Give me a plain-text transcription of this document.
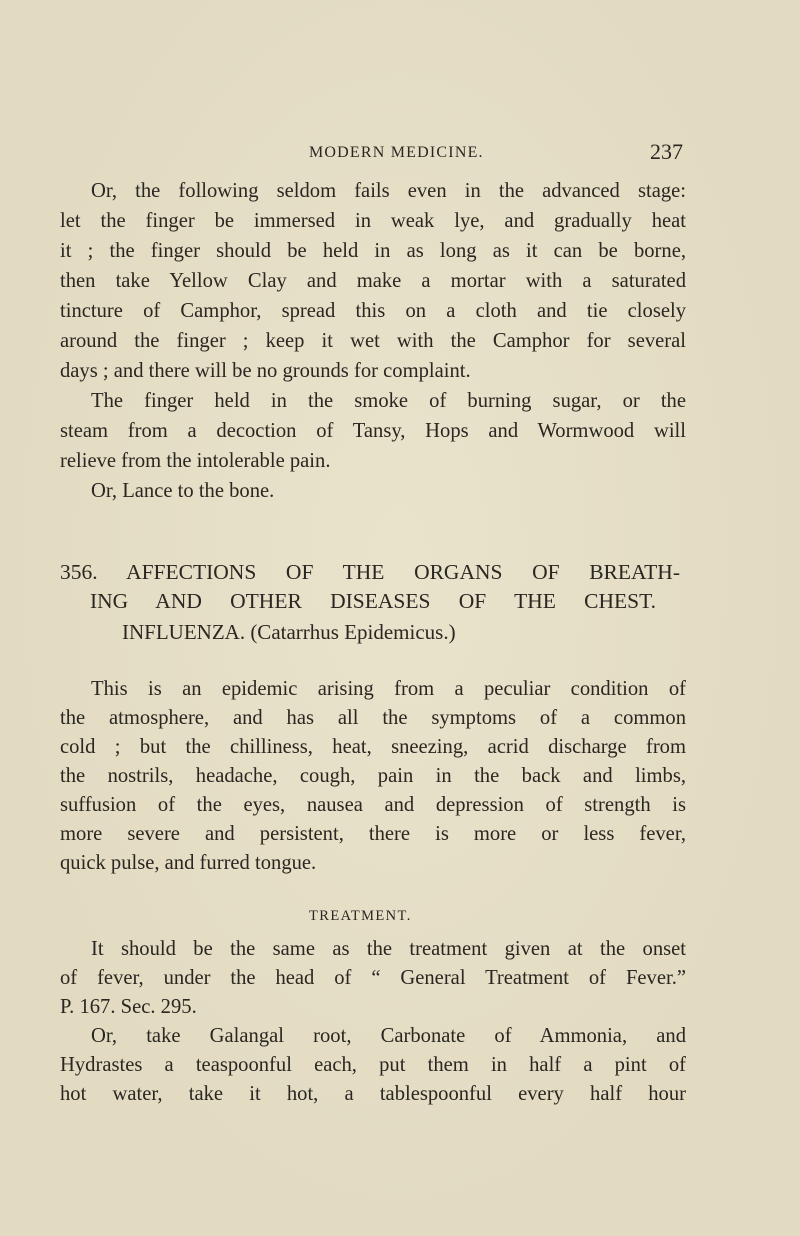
MODERN MEDICINE.	237
Or, the following seldom fails even in the advanced stage:
let the finger be immersed in weak lye, and gradually heat
it ; the finger should be held in as long as it can be borne,
then take Yellow Clay and make a mortar with a saturated
tincture of Camphor, spread this on a cloth and tie closely
around the finger ; keep it wet with the Camphor for several
days ; and there will be no grounds for complaint.
The finger held in the smoke of burning sugar, or the
steam from a decoction of Tansy, Hops and Wormwood will
relieve from the intolerable pain.
Or, Lance to the bone.
356. AFFECTIONS OF THE ORGANS OF BREATH-
ING AND OTHER DISEASES OF THE CHEST.
INFLUENZA. (Catarrhus Epidemicus.)
This is an epidemic arising from a peculiar condition of
the atmosphere, and has all the symptoms of a common
cold ; but the chilliness, heat, sneezing, acrid discharge from
the nostrils, headache, cough, pain in the back and limbs,
suffusion of the eyes, nausea and depression of strength is
more severe and persistent, there is more or less fever,
quick pulse, and furred tongue.
TREATMENT.
It should be the same as the treatment given at the onset
of fever, under the head of “ General Treatment of Fever.”
P. 167. Sec. 295.
Or, take Galangal root, Carbonate of Ammonia, and
Hydrastes a teaspoonful each, put them in half a pint of
hot water, take it hot, a tablespoonful every half hour
